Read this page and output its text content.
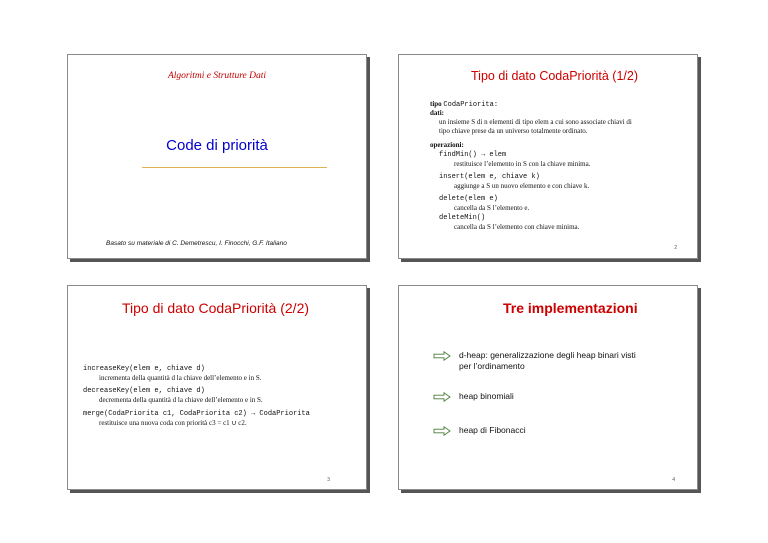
Algoritmi e Strutture Dati
Code di priorità
Basato su materiale di C. Demetrescu, I. Finocchi, G.F. Italiano
Tipo di dato CodaPriorità (1/2)
tipo CodaPriorita:
dati:
un insieme S di n elementi di tipo elem a cui sono associate chiavi di
tipo chiave prese da un universo totalmente ordinato.
operazioni:
findMin() → elem
restituisce l’elemento in S con la chiave minima.
insert(elem e, chiave k)
aggiunge a S un nuovo elemento e con chiave k.
delete(elem e)
cancella da S l’elemento e.
deleteMin()
cancella da S l’elemento con chiave minima.
2
Tipo di dato CodaPriorità (2/2)
increaseKey(elem e, chiave d)
incrementa della quantità d la chiave dell’elemento e in S.
decreaseKey(elem e, chiave d)
decrementa della quantità d la chiave dell’elemento e in S.
merge(CodaPriorita c1, CodaPriorita c2) → CodaPriorita
restituisce una nuova coda con priorità c3 = c1 ∪ c2.
3
Tre implementazioni
d-heap: generalizzazione degli heap binari visti per l’ordinamento
heap binomiali
heap di Fibonacci
4
